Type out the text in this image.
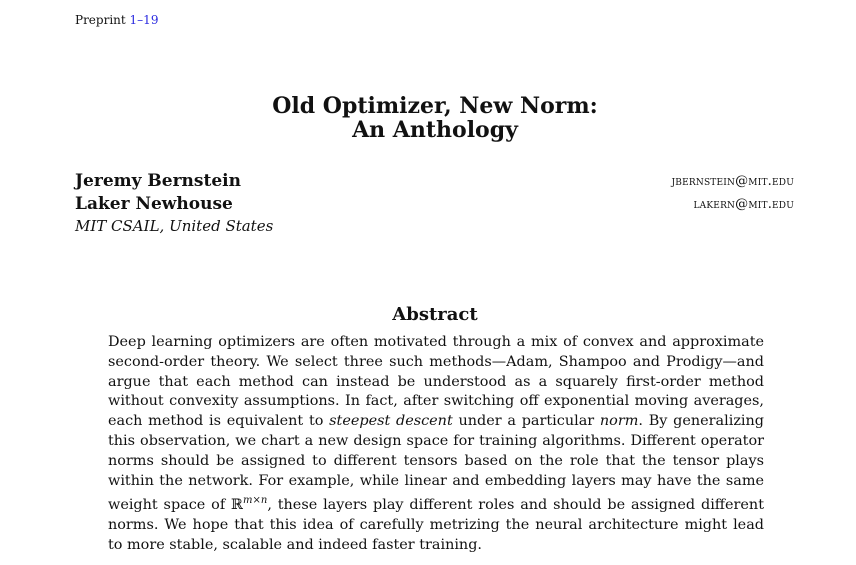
Preprint 1–19
Old Optimizer, New Norm:
An Anthology
Jeremy Bernstein
Laker Newhouse
MIT CSAIL, United States
jbernstein@mit.edu
lakern@mit.edu
Abstract
Deep learning optimizers are often motivated through a mix of convex and approximate second-order theory. We select three such methods—Adam, Shampoo and Prodigy—and argue that each method can instead be understood as a squarely first-order method without convexity assumptions. In fact, after switching off exponential moving averages, each method is equivalent to steepest descent under a particular norm. By generalizing this observation, we chart a new design space for training algorithms. Different operator norms should be assigned to different tensors based on the role that the tensor plays within the network. For example, while linear and embedding layers may have the same weight space of ℝ$^{m\times n}$, these layers play different roles and should be assigned different norms. We hope that this idea of carefully metrizing the neural architecture might lead to more stable, scalable and indeed faster training.
